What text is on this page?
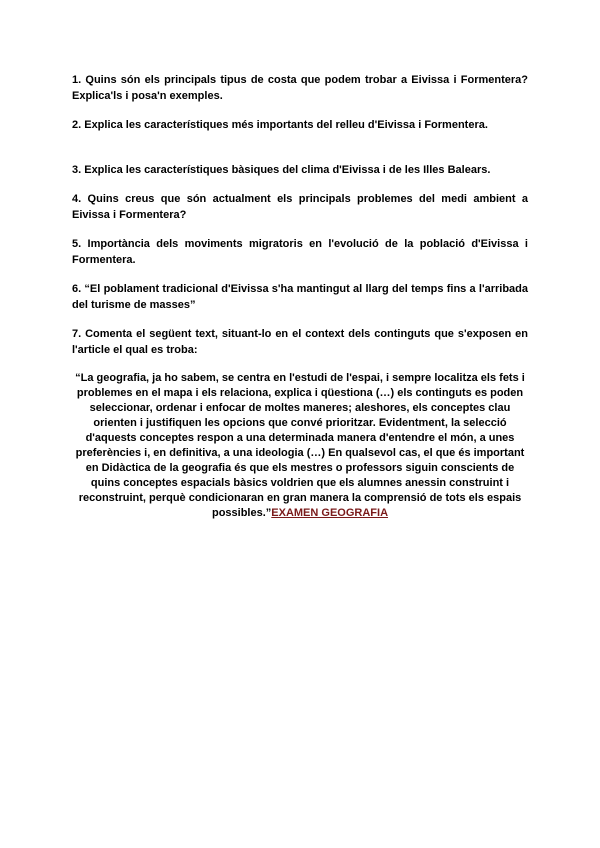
1. Quins són els principals tipus de costa que podem trobar a Eivissa i Formentera? Explica'ls i posa'n exemples.

2. Explica les característiques més importants del relleu d'Eivissa i Formentera.

3. Explica les característiques bàsiques del clima d'Eivissa i de les Illes Balears.

4. Quins creus que són actualment els principals problemes del medi ambient a Eivissa i Formentera?

5. Importància dels moviments migratoris en l'evolució de la població d'Eivissa i Formentera.

6. “El poblament tradicional d'Eivissa s'ha mantingut al llarg del temps fins a l'arribada del turisme de masses”

7. Comenta el següent text, situant-lo en el context dels continguts que s'exposen en l'article el qual es troba:

“La geografia, ja ho sabem, se centra en l'estudi de l'espai, i sempre localitza els fets i problemes en el mapa i els relaciona, explica i qüestiona (…) els continguts es poden seleccionar, ordenar i enfocar de moltes maneres; aleshores, els conceptes clau orienten i justifiquen les opcions que convé prioritzar. Evidentment, la selecció d'aquests conceptes respon a una determinada manera d'entendre el món, a unes preferències i, en definitiva, a una ideologia (…) En qualsevol cas, el que és important en Didàctica de la geografia és que els mestres o professors siguin conscients de quins conceptes espacials bàsics voldrien que els alumnes anessin construint i reconstruint, perquè condicionaran en gran manera la comprensió de tots els espais possibles.”EXAMEN GEOGRAFIA
